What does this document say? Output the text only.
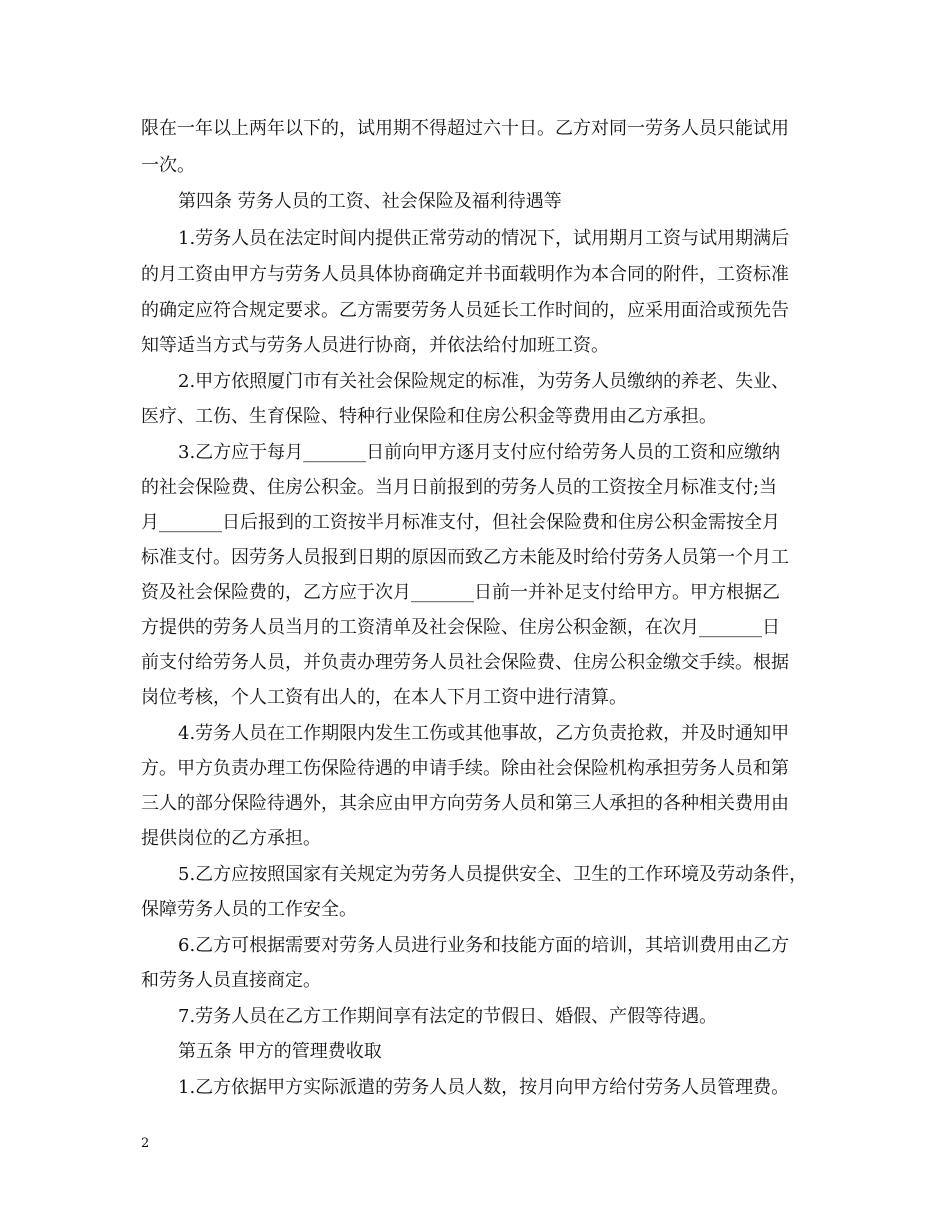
限在一年以上两年以下的，试用期不得超过六十日。乙方对同一劳务人员只能试用
一次。
第四条 劳务人员的工资、社会保险及福利待遇等
1.劳务人员在法定时间内提供正常劳动的情况下，试用期月工资与试用期满后
的月工资由甲方与劳务人员具体协商确定并书面载明作为本合同的附件，工资标准
的确定应符合规定要求。乙方需要劳务人员延长工作时间的，应采用面洽或预先告
知等适当方式与劳务人员进行协商，并依法给付加班工资。
2.甲方依照厦门市有关社会保险规定的标准，为劳务人员缴纳的养老、失业、
医疗、工伤、生育保险、特种行业保险和住房公积金等费用由乙方承担。
3.乙方应于每月_______日前向甲方逐月支付应付给劳务人员的工资和应缴纳
的社会保险费、住房公积金。当月日前报到的劳务人员的工资按全月标准支付;当
月_______日后报到的工资按半月标准支付，但社会保险费和住房公积金需按全月
标准支付。因劳务人员报到日期的原因而致乙方未能及时给付劳务人员第一个月工
资及社会保险费的，乙方应于次月_______日前一并补足支付给甲方。甲方根据乙
方提供的劳务人员当月的工资清单及社会保险、住房公积金额，在次月_______日
前支付给劳务人员，并负责办理劳务人员社会保险费、住房公积金缴交手续。根据
岗位考核，个人工资有出人的，在本人下月工资中进行清算。
4.劳务人员在工作期限内发生工伤或其他事故，乙方负责抢救，并及时通知甲
方。甲方负责办理工伤保险待遇的申请手续。除由社会保险机构承担劳务人员和第
三人的部分保险待遇外，其余应由甲方向劳务人员和第三人承担的各种相关费用由
提供岗位的乙方承担。
5.乙方应按照国家有关规定为劳务人员提供安全、卫生的工作环境及劳动条件，
保障劳务人员的工作安全。
6.乙方可根据需要对劳务人员进行业务和技能方面的培训，其培训费用由乙方
和劳务人员直接商定。
7.劳务人员在乙方工作期间享有法定的节假日、婚假、产假等待遇。
第五条 甲方的管理费收取
1.乙方依据甲方实际派遣的劳务人员人数，按月向甲方给付劳务人员管理费。
2
